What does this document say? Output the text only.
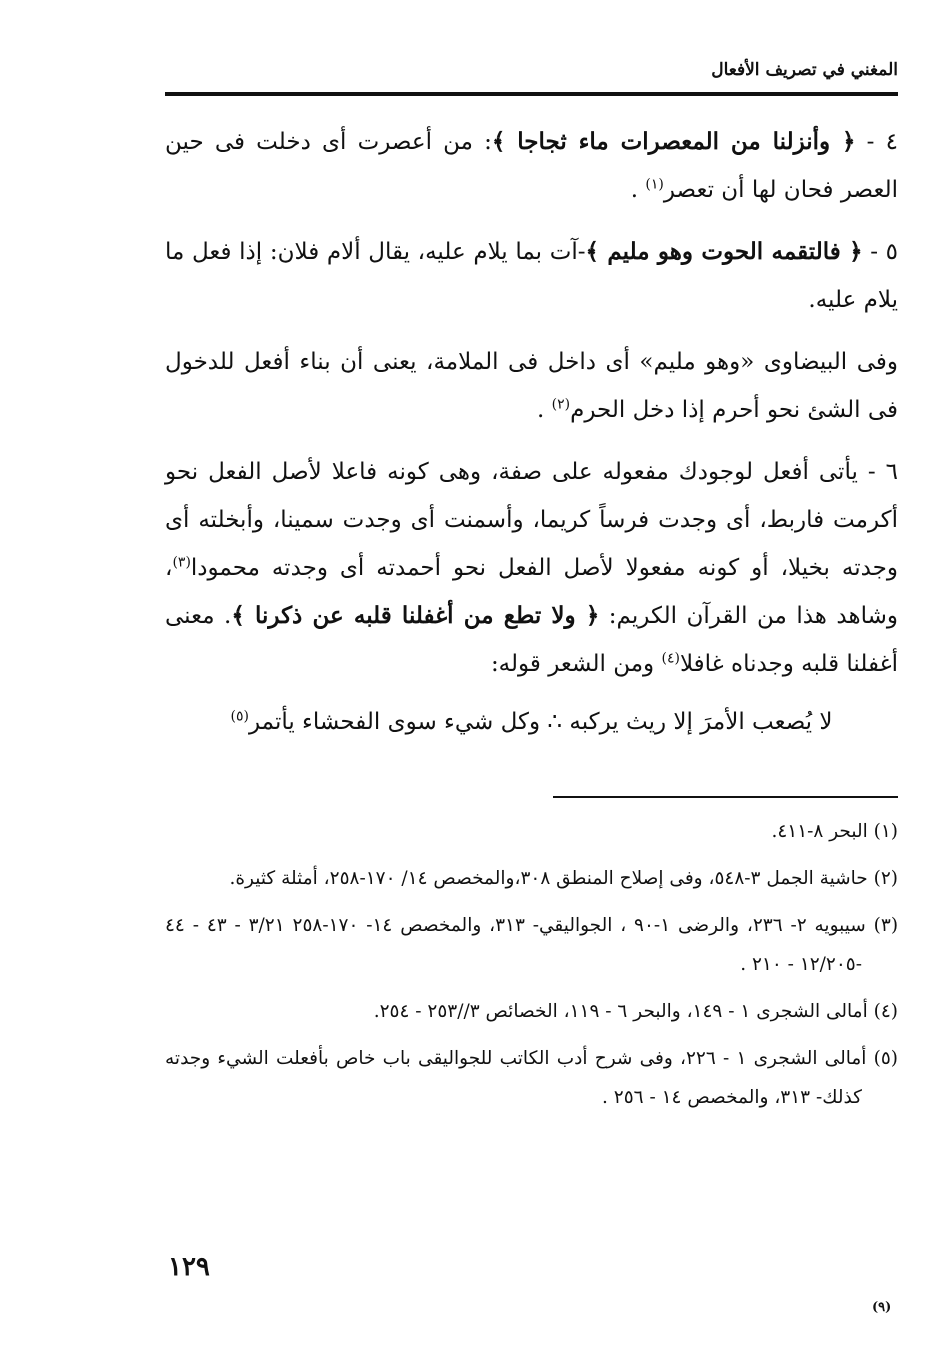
المغني في تصريف الأفعال

٤ - ﴿ وأنزلنا من المعصرات ماء ثجاجا ﴾: من أعصرت أى دخلت فى حين العصر فحان لها أن تعصر$^{(١)}$ .

٥ - ﴿ فالتقمه الحوت وهو مليم ﴾-آت بما يلام عليه، يقال ألام فلان: إذا فعل ما يلام عليه.

وفى البيضاوى «وهو مليم» أى داخل فى الملامة، يعنى أن بناء أفعل للدخول فى الشئ نحو أحرم إذا دخل الحرم$^{(٢)}$ .

٦ - يأتى أفعل لوجودك مفعوله على صفة، وهى كونه فاعلا لأصل الفعل نحو أكرمت فاربط، أى وجدت فرساً كريما، وأسمنت أى وجدت سمينا، وأبخلته أى وجدته بخيلا، أو كونه مفعولا لأصل الفعل نحو أحمدته أى وجدته محمودا$^{(٣)}$، وشاهد هذا من القرآن الكريم: ﴿ ولا تطع من أغفلنا قلبه عن ذكرنا ﴾. معنى أغفلنا قلبه وجدناه غافلا$^{(٤)}$ ومن الشعر قوله:

لا يُصعب الأمرَ إلا ريث يركبه ∴ وكل شيء سوى الفحشاء يأتمر$^{(٥)}$

(١) البحر ٨-٤١١.

(٢) حاشية الجمل ٣-٥٤٨، وفى إصلاح المنطق ٣٠٨،والمخصص ١٤/ ١٧٠-٢٥٨، أمثلة كثيرة.

(٣) سيبويه ٢- ٢٣٦، والرضى ١-٩٠ ، الجواليقي- ٣١٣، والمخصص ١٤- ١٧٠-٢٥٨ ٣/٢١ - ٤٣ - ٤٤ -١٢/٢٠٥ - ٢١٠ .

(٤) أمالى الشجرى ١ - ١٤٩، والبحر ٦ - ١١٩، الخصائص ٣//٢٥٣ - ٢٥٤.

(٥) أمالى الشجرى ١ - ٢٢٦، وفى شرح أدب الكاتب للجواليقى باب خاص بأفعلت الشيء وجدته كذلك- ٣١٣، والمخصص ١٤ - ٢٥٦ .

١٢٩
(٩)
